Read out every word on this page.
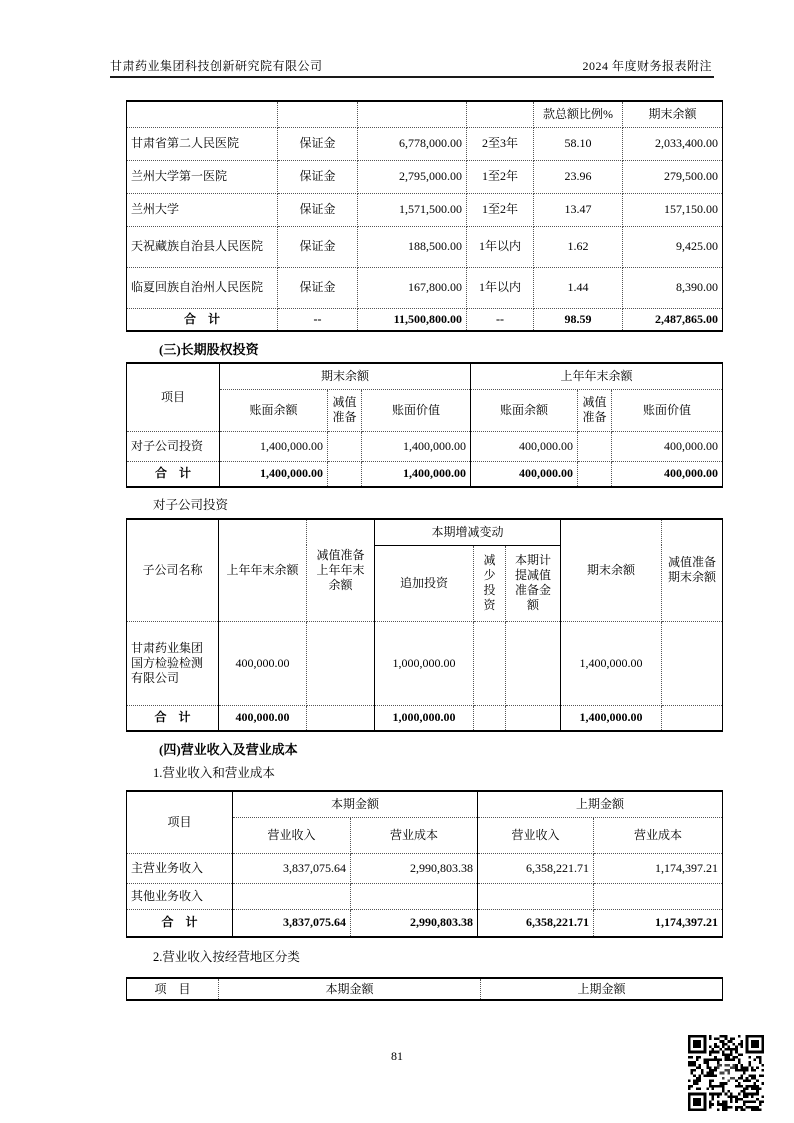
甘肃药业集团科技创新研究院有限公司	2024 年度财务报表附注
				款总额比例%	期末余额
甘肃省第二人民医院	保证金	6,778,000.00	2至3年	58.10	2,033,400.00
兰州大学第一医院	保证金	2,795,000.00	1至2年	23.96	279,500.00
兰州大学	保证金	1,571,500.00	1至2年	13.47	157,150.00
天祝藏族自治县人民医院	保证金	188,500.00	1年以内	1.62	9,425.00
临夏回族自治州人民医院	保证金	167,800.00	1年以内	1.44	8,390.00
合　计	--	11,500,800.00	--	98.59	2,487,865.00
(三)长期股权投资
项目	期末余额			上年年末余额		
	账面余额	减值准备	账面价值	账面余额	减值准备	账面价值
对子公司投资	1,400,000.00		1,400,000.00	400,000.00		400,000.00
合　计	1,400,000.00		1,400,000.00	400,000.00		400,000.00
对子公司投资
子公司名称	上年年末余额	减值准备上年年末余额	本期增减变动			期末余额	减值准备期末余额
			追加投资	减少投资	本期计提减值准备金额		
甘肃药业集团国方检验检测有限公司	400,000.00		1,000,000.00			1,400,000.00	
合　计	400,000.00		1,000,000.00			1,400,000.00	
(四)营业收入及营业成本
1.营业收入和营业成本
项目	本期金额		上期金额	
	营业收入	营业成本	营业收入	营业成本
主营业务收入	3,837,075.64	2,990,803.38	6,358,221.71	1,174,397.21
其他业务收入				
合　计	3,837,075.64	2,990,803.38	6,358,221.71	1,174,397.21
2.营业收入按经营地区分类
项　目	本期金额	上期金额
81
